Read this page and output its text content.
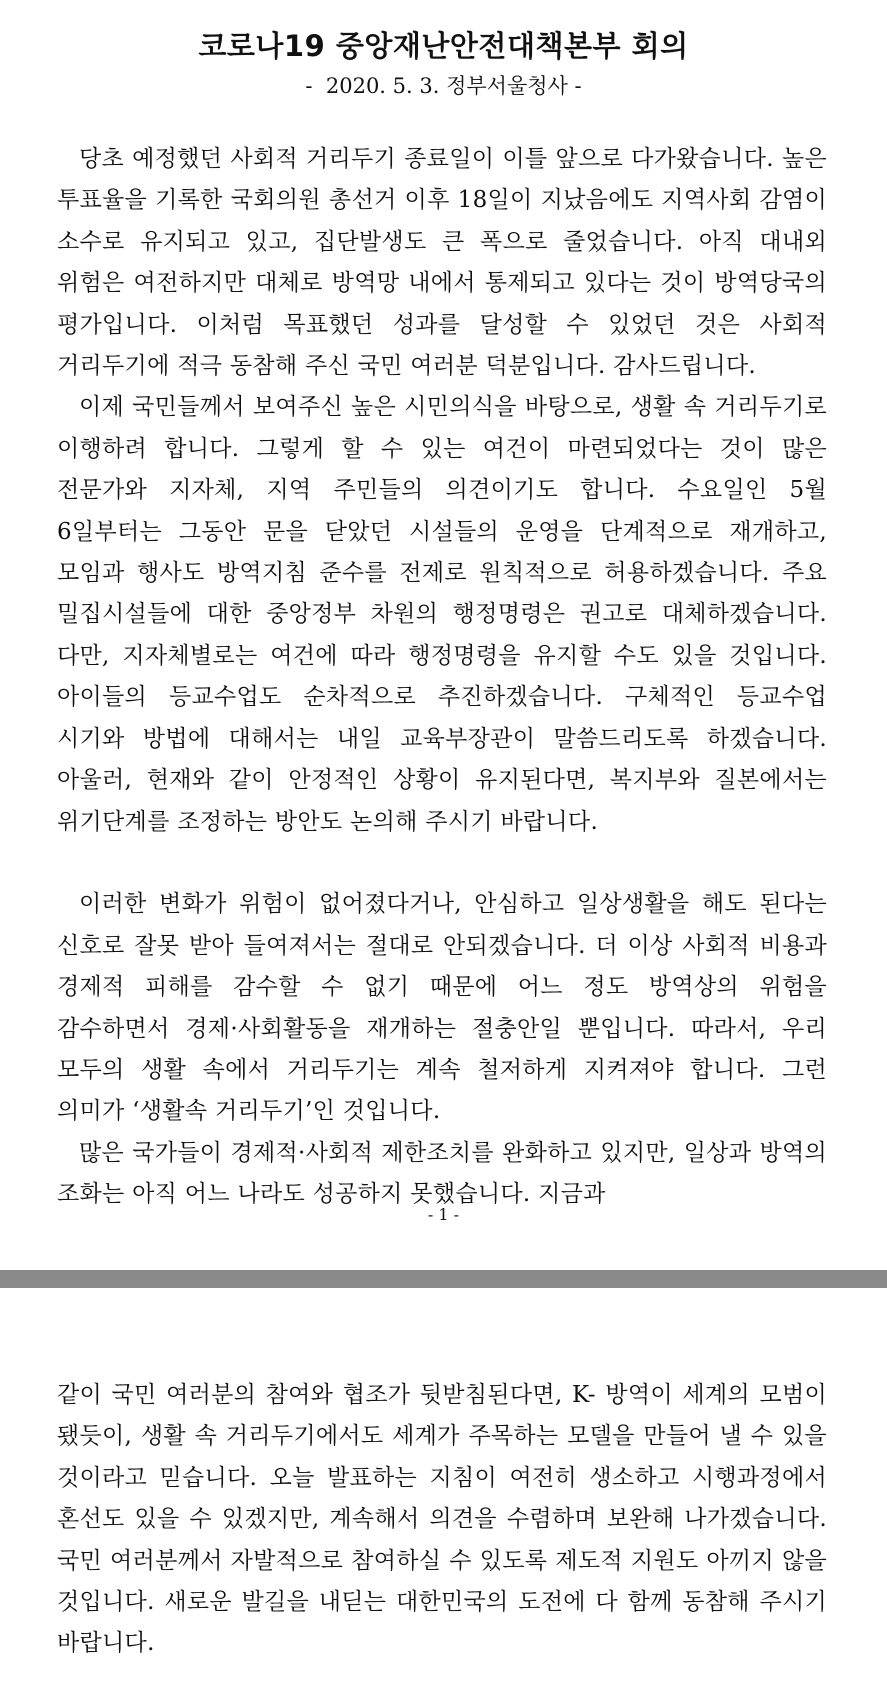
코로나19 중앙재난안전대책본부 회의

-  2020. 5. 3. 정부서울청사 -

당초 예정했던 사회적 거리두기 종료일이 이틀 앞으로 다가왔습니다. 높은 투표율을 기록한 국회의원 총선거 이후 18일이 지났음에도 지역사회 감염이 소수로 유지되고 있고, 집단발생도 큰 폭으로 줄었습니다. 아직 대내외 위험은 여전하지만 대체로 방역망 내에서 통제되고 있다는 것이 방역당국의 평가입니다. 이처럼 목표했던 성과를 달성할 수 있었던 것은 사회적 거리두기에 적극 동참해 주신 국민 여러분 덕분입니다. 감사드립니다.

이제 국민들께서 보여주신 높은 시민의식을 바탕으로, 생활 속 거리두기로 이행하려 합니다. 그렇게 할 수 있는 여건이 마련되었다는 것이 많은 전문가와 지자체, 지역 주민들의 의견이기도 합니다. 수요일인 5월 6일부터는 그동안 문을 닫았던 시설들의 운영을 단계적으로 재개하고, 모임과 행사도 방역지침 준수를 전제로 원칙적으로 허용하겠습니다. 주요 밀집시설들에 대한 중앙정부 차원의 행정명령은 권고로 대체하겠습니다. 다만, 지자체별로는 여건에 따라 행정명령을 유지할 수도 있을 것입니다. 아이들의 등교수업도 순차적으로 추진하겠습니다. 구체적인 등교수업 시기와 방법에 대해서는 내일 교육부장관이 말씀드리도록 하겠습니다. 아울러, 현재와 같이 안정적인 상황이 유지된다면, 복지부와 질본에서는 위기단계를 조정하는 방안도 논의해 주시기 바랍니다.

이러한 변화가 위험이 없어졌다거나, 안심하고 일상생활을 해도 된다는 신호로 잘못 받아 들여져서는 절대로 안되겠습니다. 더 이상 사회적 비용과 경제적 피해를 감수할 수 없기 때문에 어느 정도 방역상의 위험을 감수하면서 경제·사회활동을 재개하는 절충안일 뿐입니다. 따라서, 우리 모두의 생활 속에서 거리두기는 계속 철저하게 지켜져야 합니다. 그런 의미가 ‘생활속 거리두기’인 것입니다.

많은 국가들이 경제적·사회적 제한조치를 완화하고 있지만, 일상과 방역의 조화는 아직 어느 나라도 성공하지 못했습니다. 지금과

- 1 -

같이 국민 여러분의 참여와 협조가 뒷받침된다면, K- 방역이 세계의 모범이 됐듯이, 생활 속 거리두기에서도 세계가 주목하는 모델을 만들어 낼 수 있을 것이라고 믿습니다. 오늘 발표하는 지침이 여전히 생소하고 시행과정에서 혼선도 있을 수 있겠지만, 계속해서 의견을 수렴하며 보완해 나가겠습니다. 국민 여러분께서 자발적으로 참여하실 수 있도록 제도적 지원도 아끼지 않을 것입니다. 새로운 발길을 내딛는 대한민국의 도전에 다 함께 동참해 주시기 바랍니다.
